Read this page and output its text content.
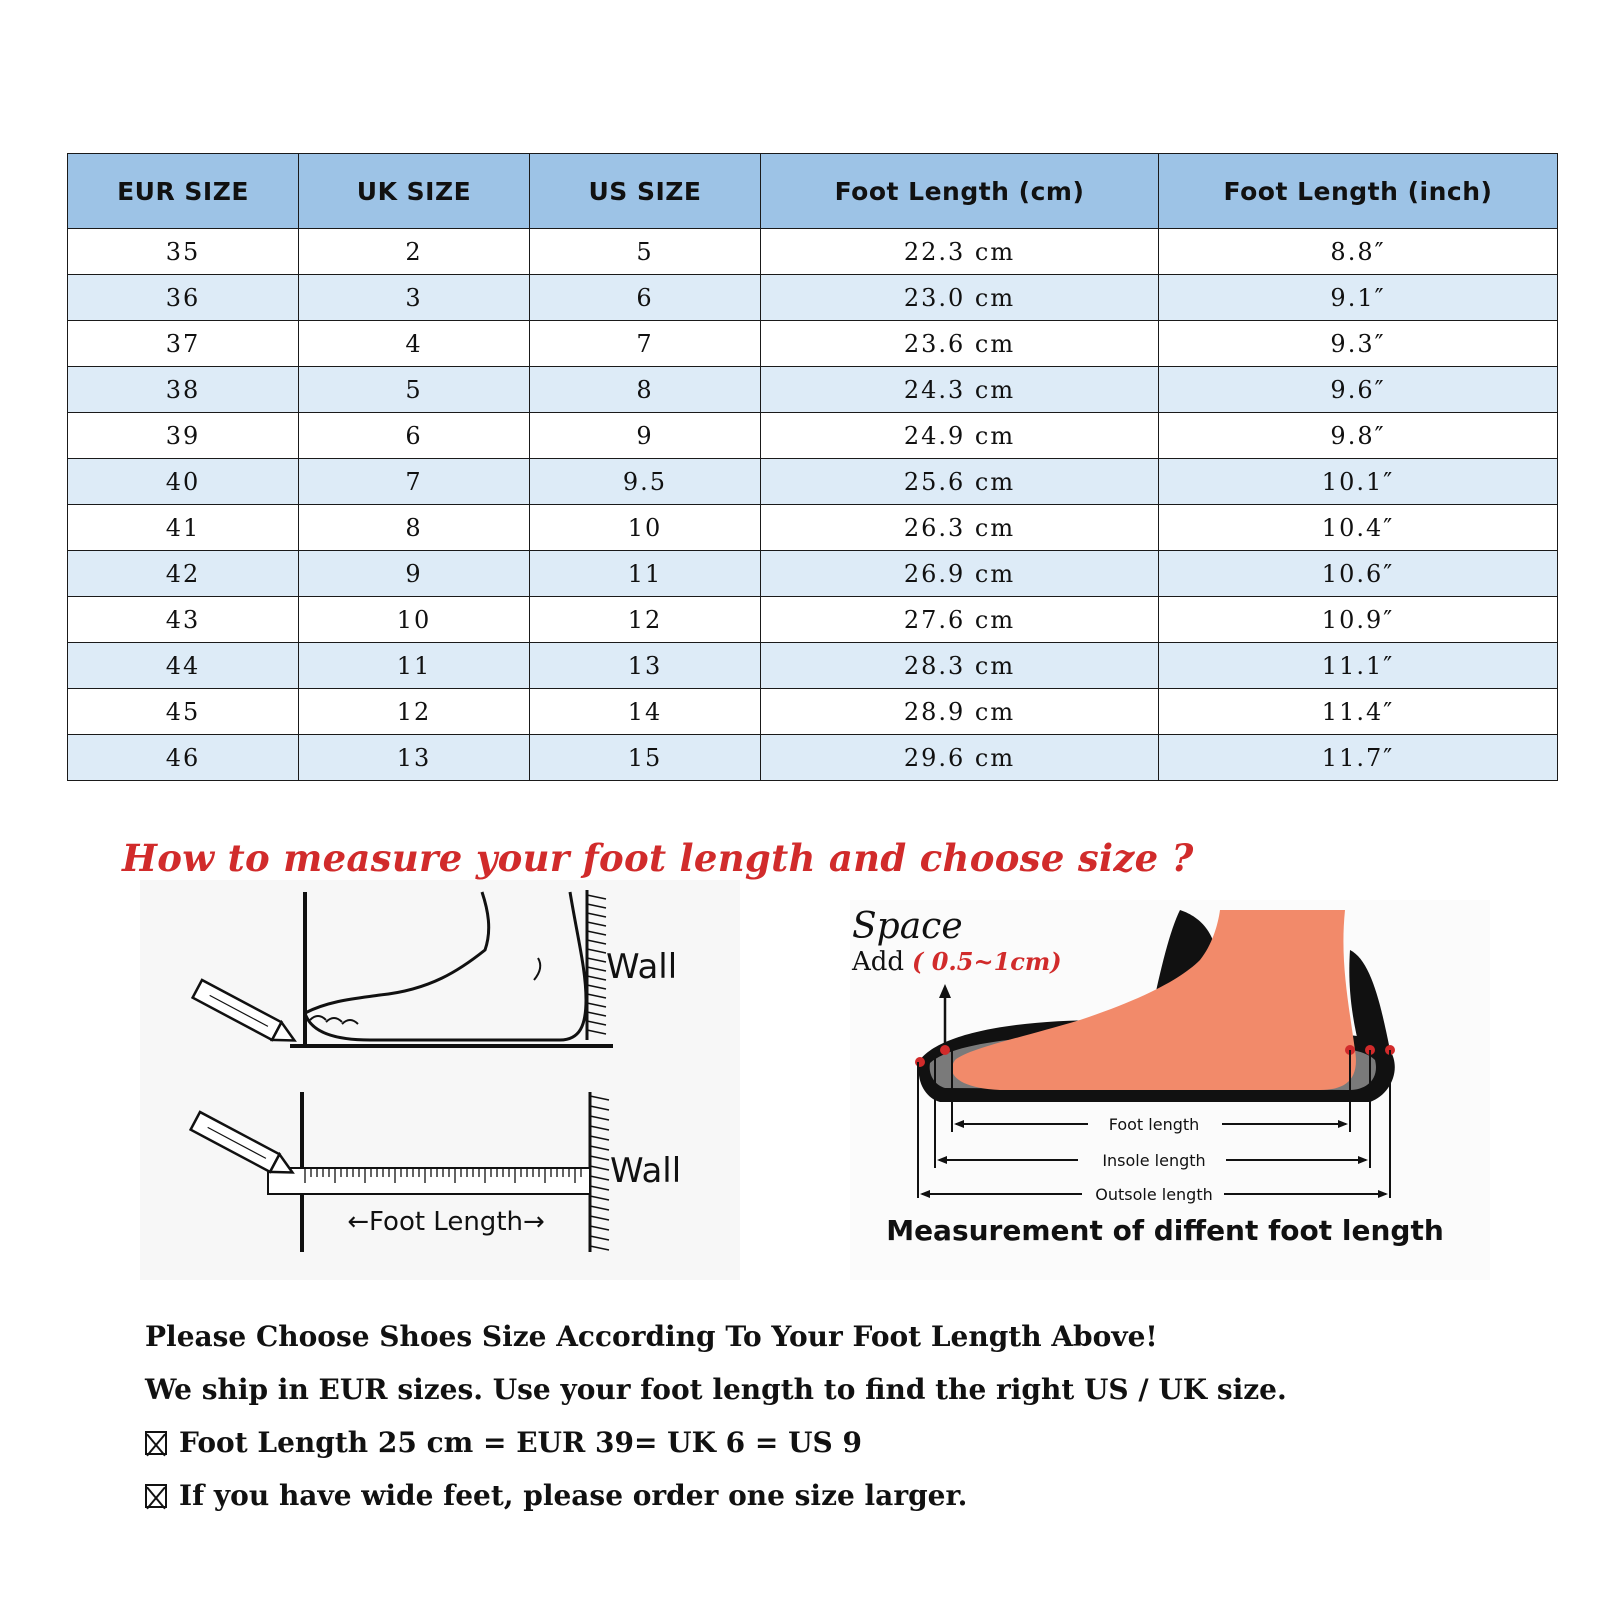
EUR SIZE	UK SIZE	US SIZE	Foot Length (cm)	Foot Length (inch)
35	2	5	22.3 cm	8.8″
36	3	6	23.0 cm	9.1″
37	4	7	23.6 cm	9.3″
38	5	8	24.3 cm	9.6″
39	6	9	24.9 cm	9.8″
40	7	9.5	25.6 cm	10.1″
41	8	10	26.3 cm	10.4″
42	9	11	26.9 cm	10.6″
43	10	12	27.6 cm	10.9″
44	11	13	28.3 cm	11.1″
45	12	14	28.9 cm	11.4″
46	13	15	29.6 cm	11.7″
How to measure your foot length and choose size ?
Wall
Wall
←Foot Length→
Space
Add ( 0.5~1cm)
Foot length
Insole length
Outsole length
Measurement of diffent foot length

Please Choose Shoes Size According To Your Foot Length Above!

We ship in EUR sizes. Use your foot length to find the right US / UK size.

Foot Length 25 cm = EUR 39= UK 6 = US 9

If you have wide feet, please order one size larger.
